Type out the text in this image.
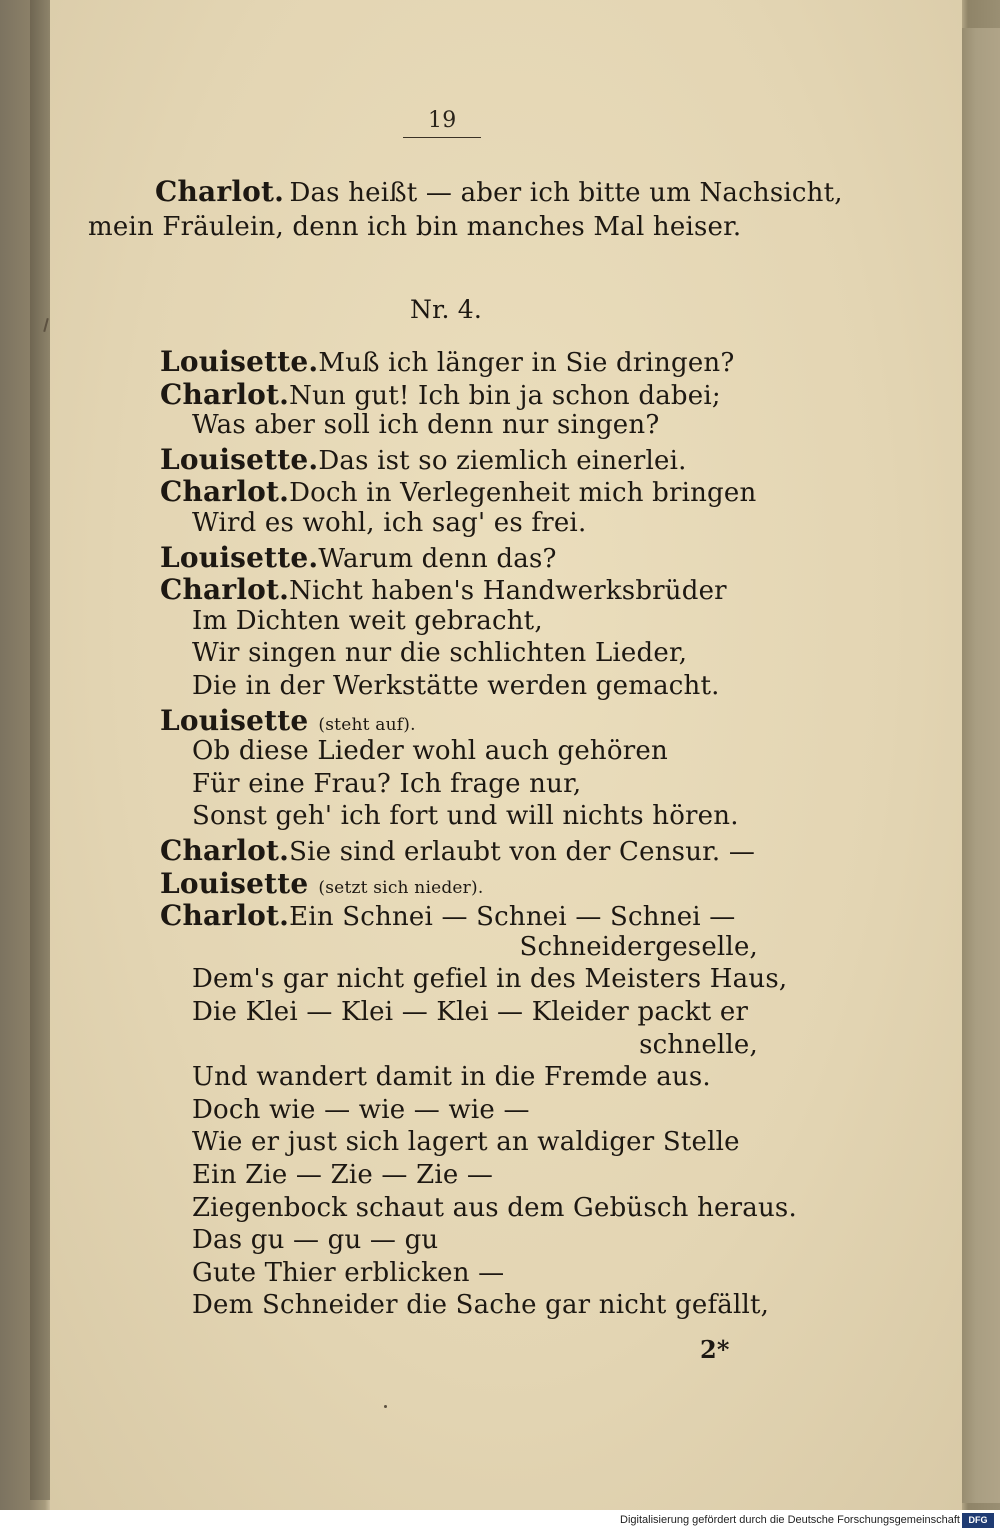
19
Charlot. Das heißt — aber ich bitte um Nachsicht,
mein Fräulein, denn ich bin manches Mal heiser.
Nr. 4.
Louisette.Muß ich länger in Sie dringen?
Charlot.Nun gut! Ich bin ja schon dabei;
Was aber soll ich denn nur singen?
Louisette.Das ist so ziemlich einerlei.
Charlot.Doch in Verlegenheit mich bringen
Wird es wohl, ich sag' es frei.
Louisette.Warum denn das?
Charlot.Nicht haben's Handwerksbrüder
Im Dichten weit gebracht,
Wir singen nur die schlichten Lieder,
Die in der Werkstätte werden gemacht.
Louisette (steht auf).
Ob diese Lieder wohl auch gehören
Für eine Frau? Ich frage nur,
Sonst geh' ich fort und will nichts hören.
Charlot.Sie sind erlaubt von der Censur. —
Louisette (setzt sich nieder).
Charlot.Ein Schnei — Schnei — Schnei —
Schneidergeselle,
Dem's gar nicht gefiel in des Meisters Haus,
Die Klei — Klei — Klei — Kleider packt er
schnelle,
Und wandert damit in die Fremde aus.
Doch wie — wie — wie —
Wie er just sich lagert an waldiger Stelle
Ein Zie — Zie — Zie —
Ziegenbock schaut aus dem Gebüsch heraus.
Das gu — gu — gu
Gute Thier erblicken —
Dem Schneider die Sache gar nicht gefällt,
2*
Digitalisierung gefördert durch die Deutsche Forschungsgemeinschaft DFG
